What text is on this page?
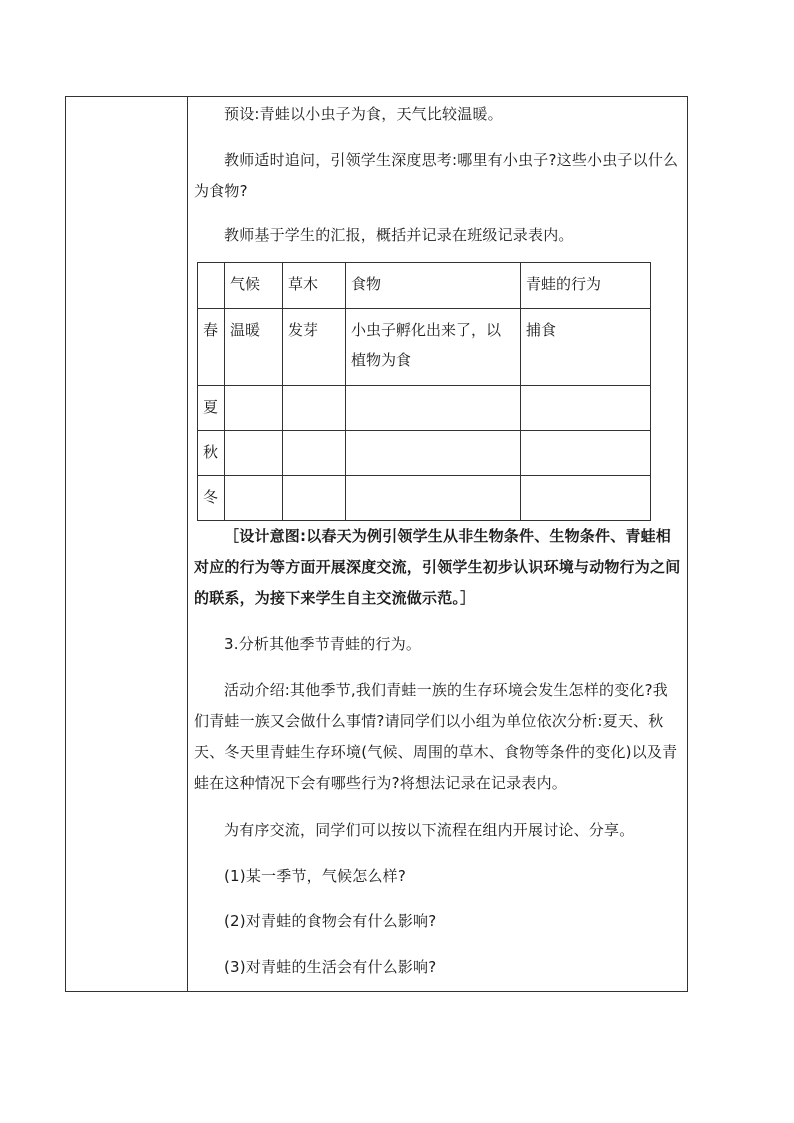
预设:青蛙以小虫子为食，天气比较温暖。

教师适时追问，引领学生深度思考:哪里有小虫子?这些小虫子以什么为食物?

教师基于学生的汇报，概括并记录在班级记录表内。

	气候	草木	食物	青蛙的行为
春	温暖	发芽	小虫子孵化出来了，以植物为食	捕食
夏				
秋				
冬				

［设计意图:以春天为例引领学生从非生物条件、生物条件、青蛙相对应的行为等方面开展深度交流，引领学生初步认识环境与动物行为之间的联系，为接下来学生自主交流做示范。］

3.分析其他季节青蛙的行为。

活动介绍:其他季节,我们青蛙一族的生存环境会发生怎样的变化?我们青蛙一族又会做什么事情?请同学们以小组为单位依次分析:夏天、秋天、冬天里青蛙生存环境(气候、周围的草木、食物等条件的变化)以及青蛙在这种情况下会有哪些行为?将想法记录在记录表内。

为有序交流，同学们可以按以下流程在组内开展讨论、分享。

(1)某一季节，气候怎么样?

(2)对青蛙的食物会有什么影响?

(3)对青蛙的生活会有什么影响?
